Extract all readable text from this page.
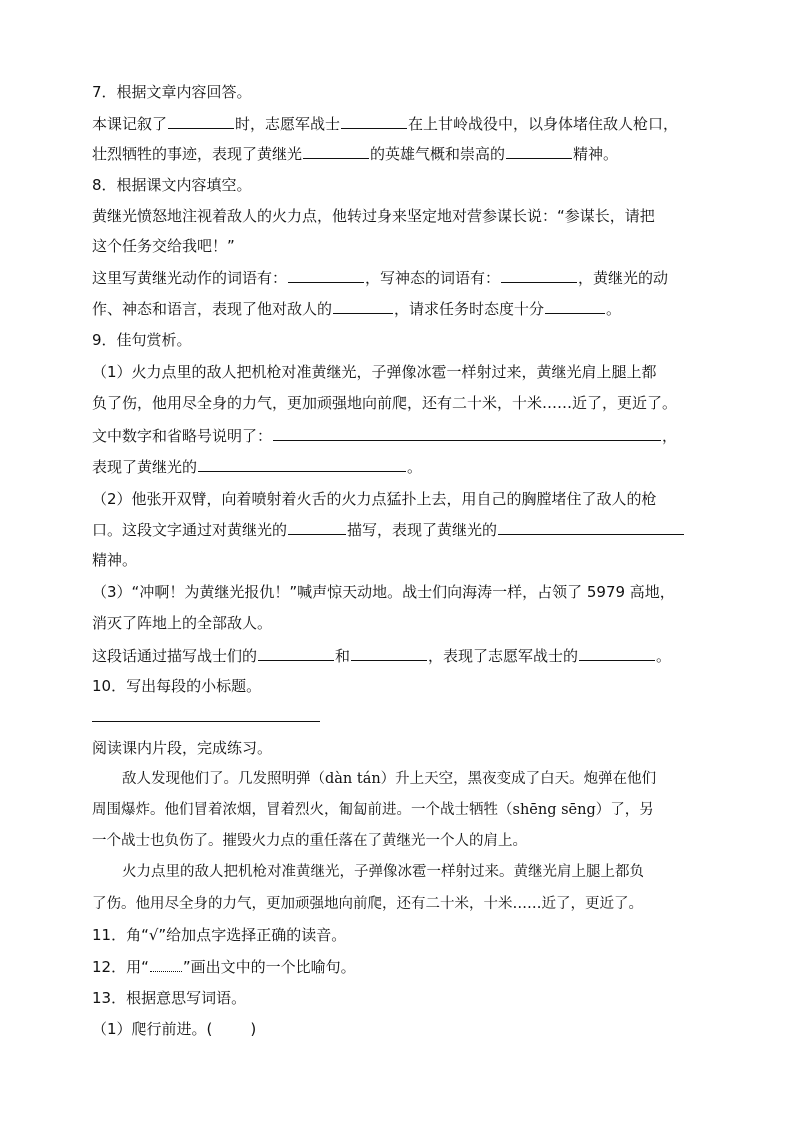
7．根据文章内容回答。
本课记叙了	时，志愿军战士	在上甘岭战役中，以身体堵住敌人枪口，
壮烈牺牲的事迹，表现了黄继光	的英雄气概和崇高的	精神。
8．根据课文内容填空。
黄继光愤怒地注视着敌人的火力点，他转过身来坚定地对营参谋长说：“参谋长，请把
这个任务交给我吧！”
这里写黄继光动作的词语有：	，写神态的词语有：	，黄继光的动
作、神态和语言，表现了他对敌人的	，请求任务时态度十分	。
9．佳句赏析。
（1）火力点里的敌人把机枪对准黄继光，子弹像冰雹一样射过来，黄继光肩上腿上都
负了伤，他用尽全身的力气，更加顽强地向前爬，还有二十米，十米……近了，更近了。
文中数字和省略号说明了：	，
表现了黄继光的	。
（2）他张开双臂，向着喷射着火舌的火力点猛扑上去，用自己的胸膛堵住了敌人的枪
口。这段文字通过对黄继光的	描写，表现了黄继光的
精神。
（3）“冲啊！为黄继光报仇！”喊声惊天动地。战士们向海涛一样，占领了 5979 高地，
消灭了阵地上的全部敌人。
这段话通过描写战士们的	和	，表现了志愿军战士的	。
10．写出每段的小标题。
阅读课内片段，完成练习。
敌人发现他们了。几发照明弹（dàn tán）升上天空，黑夜变成了白天。炮弹在他们
周围爆炸。他们冒着浓烟，冒着烈火，匍匐前进。一个战士牺牲（shēng sēng）了，另
一个战士也负伤了。摧毁火力点的重任落在了黄继光一个人的肩上。
火力点里的敌人把机枪对准黄继光，子弹像冰雹一样射过来。黄继光肩上腿上都负
了伤。他用尽全身的力气，更加顽强地向前爬，还有二十米，十米……近了，更近了。
11．角“√”给加点字选择正确的读音。
12．用“ ”画出文中的一个比喻句。
13．根据意思写词语。
（1）爬行前进。(	)
